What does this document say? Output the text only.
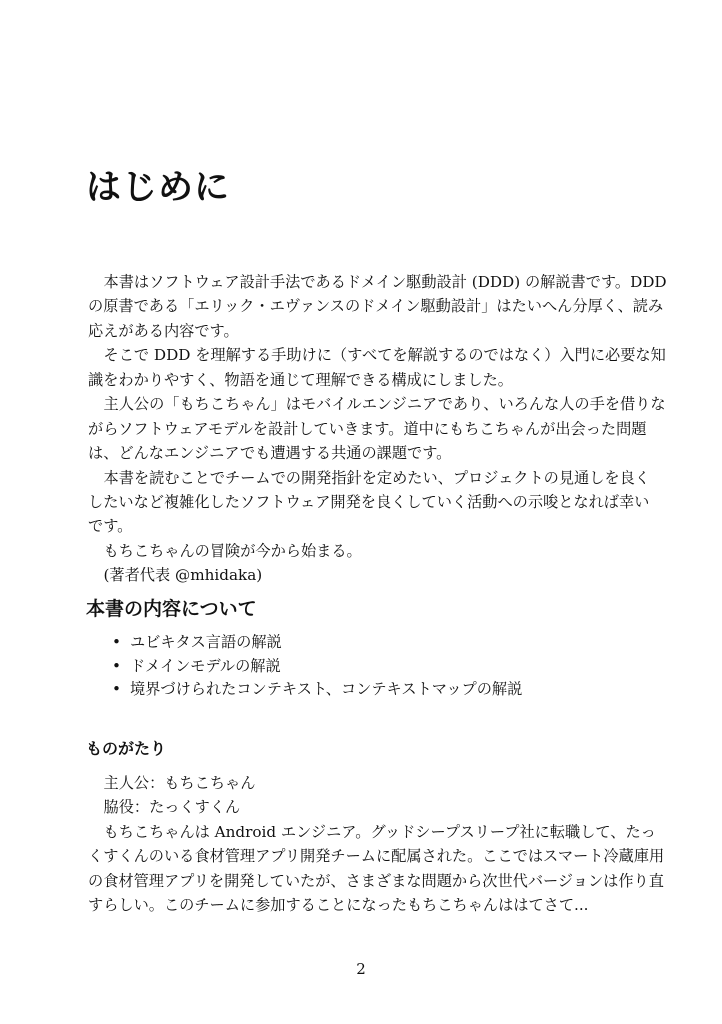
はじめに
本書はソフトウェア設計手法であるドメイン駆動設計 (DDD) の解説書です。DDD
の原書である「エリック・エヴァンスのドメイン駆動設計」はたいへん分厚く、読み
応えがある内容です。
そこで DDD を理解する手助けに（すべてを解説するのではなく）入門に必要な知
識をわかりやすく、物語を通じて理解できる構成にしました。
主人公の「もちこちゃん」はモバイルエンジニアであり、いろんな人の手を借りな
がらソフトウェアモデルを設計していきます。道中にもちこちゃんが出会った問題
は、どんなエンジニアでも遭遇する共通の課題です。
本書を読むことでチームでの開発指針を定めたい、プロジェクトの見通しを良く
したいなど複雑化したソフトウェア開発を良くしていく活動への示唆となれば幸い
です。
もちこちゃんの冒険が今から始まる。
(著者代表 @mhidaka)
本書の内容について
• ユビキタス言語の解説
• ドメインモデルの解説
• 境界づけられたコンテキスト、コンテキストマップの解説
ものがたり
主人公：もちこちゃん
脇役：たっくすくん
もちこちゃんは Android エンジニア。グッドシープスリープ社に転職して、たっ
くすくんのいる食材管理アプリ開発チームに配属された。ここではスマート冷蔵庫用
の食材管理アプリを開発していたが、さまざまな問題から次世代バージョンは作り直
すらしい。このチームに参加することになったもちこちゃんははてさて...
2
